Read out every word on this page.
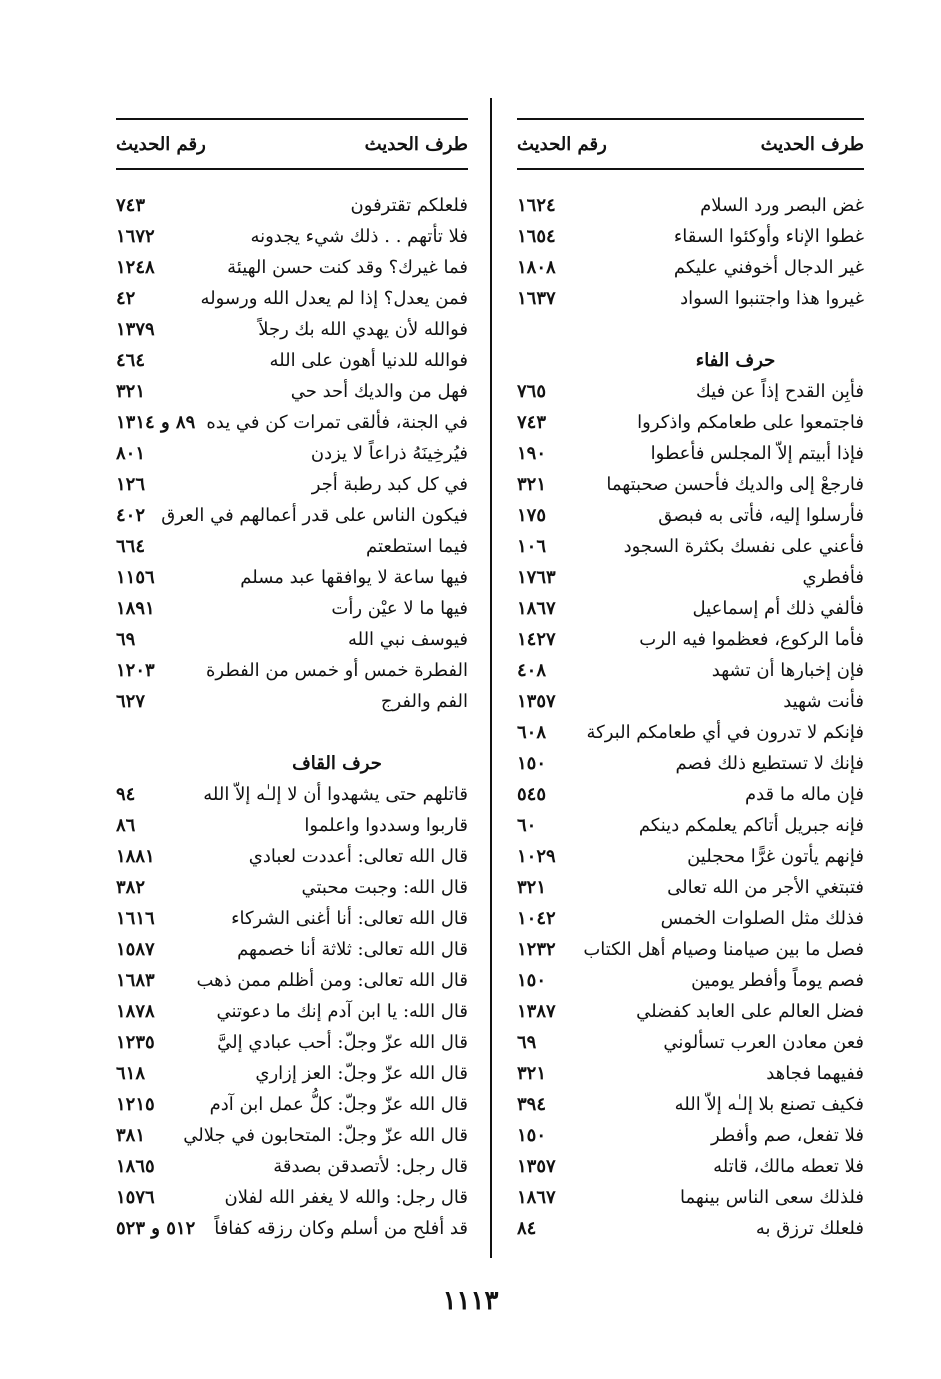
طرف الحديث
رقم الحديث
غض البصر ورد السلام
١٦٢٤
غطوا الإناء وأوكئوا السقاء
١٦٥٤
غير الدجال أخوفني عليكم
١٨٠٨
غيروا هذا واجتنبوا السواد
١٦٣٧
حرف الفاء
فأبِن القدح إذاً عن فيك
٧٦٥
فاجتمعوا على طعامكم واذكروا
٧٤٣
فإذا أبيتم إلاّ المجلس فأعطوا
١٩٠
فارجعْ إلى والديك فأحسن صحبتهما
٣٢١
فأرسلوا إليه، فأتى به فبصق
١٧٥
فأعني على نفسك بكثرة السجود
١٠٦
فأفطري
١٧٦٣
فألفي ذلك أم إسماعيل
١٨٦٧
فأما الركوع، فعظموا فيه الرب
١٤٢٧
فإن إخبارها أن تشهد
٤٠٨
فأنت شهيد
١٣٥٧
فإنكم لا تدرون في أي طعامكم البركة
٦٠٨
فإنك لا تستطيع ذلك فصم
١٥٠
فإن ماله ما قدم
٥٤٥
فإنه جبريل أتاكم يعلمكم دينكم
٦٠
فإنهم يأتون غرًّا محجلين
١٠٢٩
فتبتغي الأجر من الله تعالى
٣٢١
فذلك مثل الصلوات الخمس
١٠٤٢
فصل ما بين صيامنا وصيام أهل الكتاب
١٢٣٢
فصم يوماً وأفطر يومين
١٥٠
فضل العالم على العابد كفضلي
١٣٨٧
فعن معادن العرب تسألوني
٦٩
ففيهما فجاهد
٣٢١
فكيف تصنع بلا إلـٰه إلاّ الله
٣٩٤
فلا تفعل، صم وأفطر
١٥٠
فلا تعطه مالك، قاتله
١٣٥٧
فلذلك سعى الناس بينهما
١٨٦٧
فلعلك ترزق به
٨٤
طرف الحديث
رقم الحديث
فلعلكم تقترفون
٧٤٣
فلا تأتهم . . ذلك شيء يجدونه
١٦٧٢
فما غيرك؟ وقد كنت حسن الهيئة
١٢٤٨
فمن يعدل؟ إذا لم يعدل الله ورسوله
٤٢
فوالله لأن يهدي الله بك رجلاً
١٣٧٩
فوالله للدنيا أهون على الله
٤٦٤
فهل من والديك أحد حي
٣٢١
في الجنة، فألقى تمرات كن في يده
٨٩ و ١٣١٤
فيُرخِينَهُ ذراعاً لا يزدن
٨٠١
في كل كبد رطبة أجر
١٢٦
فيكون الناس على قدر أعمالهم في العرق
٤٠٢
فيما استطعتم
٦٦٤
فيها ساعة لا يوافقها عبد مسلم
١١٥٦
فيها ما لا عيْن رأت
١٨٩١
فيوسف نبي الله
٦٩
الفطرة خمس أو خمس من الفطرة
١٢٠٣
الفم والفرج
٦٢٧
حرف القاف
قاتلهم حتى يشهدوا أن لا إلـٰه إلاّ الله
٩٤
قاربوا وسددوا واعلموا
٨٦
قال الله تعالى: أعددت لعبادي
١٨٨١
قال الله: وجبت محبتي
٣٨٢
قال الله تعالى: أنا أغنى الشركاء
١٦١٦
قال الله تعالى: ثلاثة أنا خصمهم
١٥٨٧
قال الله تعالى: ومن أظلم ممن ذهب
١٦٨٣
قال الله: يا ابن آدم إنك ما دعوتني
١٨٧٨
قال الله عزّ وجلّ: أحب عبادي إليَّ
١٢٣٥
قال الله عزّ وجلّ: العز إزاري
٦١٨
قال الله عزّ وجلّ: كلُّ عمل ابن آدم
١٢١٥
قال الله عزّ وجلّ: المتحابون في جلالي
٣٨١
قال رجل: لأتصدقن بصدقة
١٨٦٥
قال رجل: والله لا يغفر الله لفلان
١٥٧٦
قد أفلح من أسلم وكان رزقه كفافاً
٥١٢ و ٥٢٣
١١١٣
